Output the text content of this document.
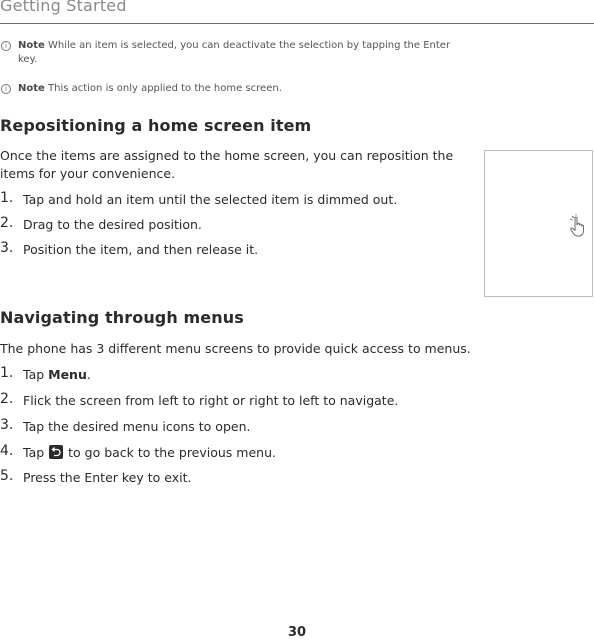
Getting Started
i	Note While an item is selected, you can deactivate the selection by tapping the Enter key.
i	Note This action is only applied to the home screen.
Repositioning a home screen item
Once the items are assigned to the home screen, you can reposition the items for your convenience.
1. Tap and hold an item until the selected item is dimmed out.
2. Drag to the desired position.
3. Position the item, and then release it.
Navigating through menus
The phone has 3 different menu screens to provide quick access to menus.
1. Tap Menu.
2. Flick the screen from left to right or right to left to navigate.
3. Tap the desired menu icons to open.
4. Tap
to go back to the previous menu.
5. Press the Enter key to exit.
30
